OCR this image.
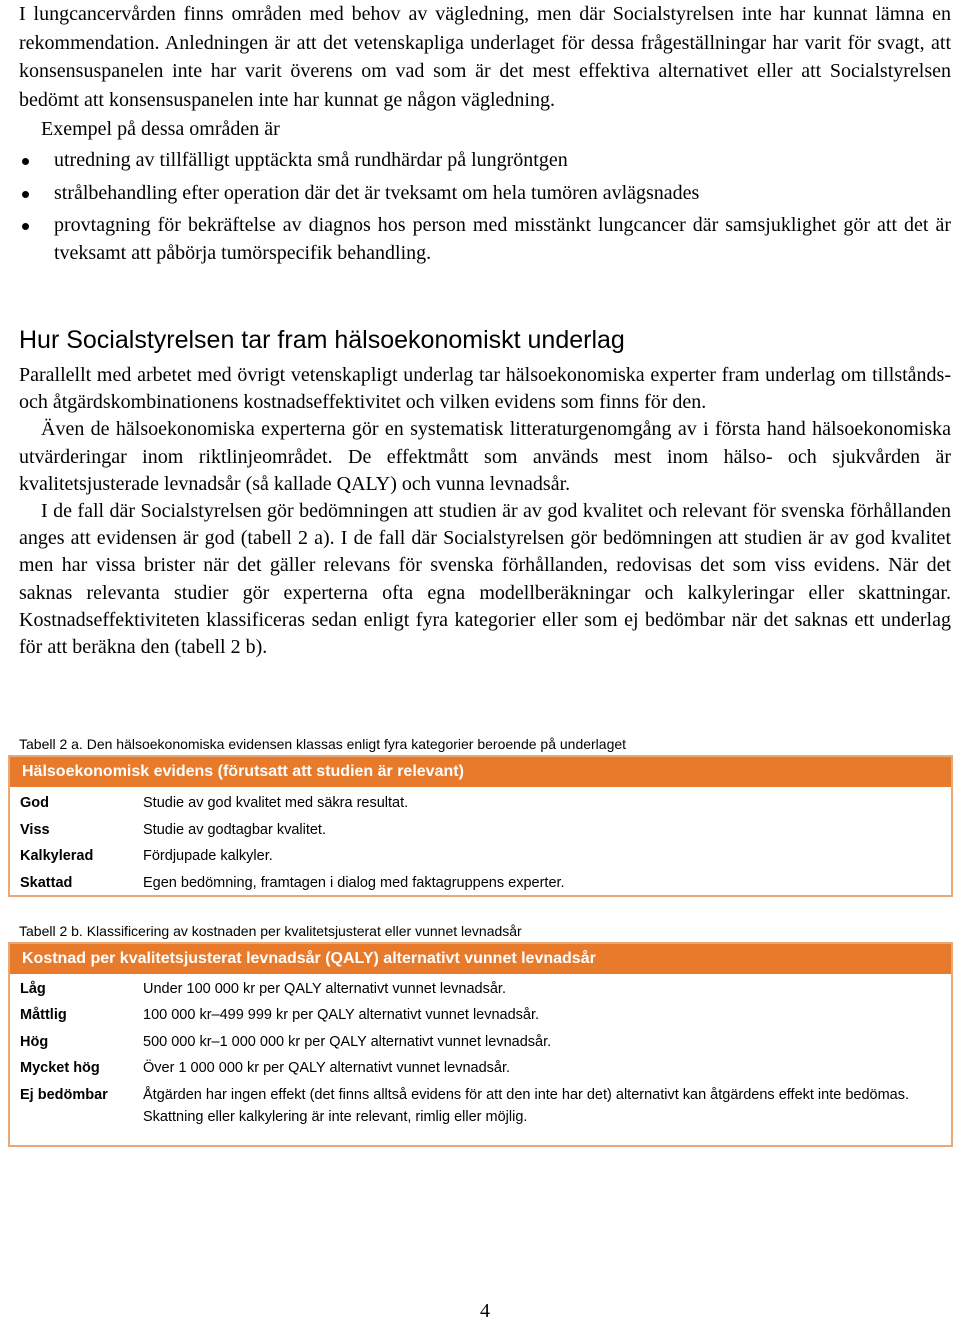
I lungcancervården finns områden med behov av vägledning, men där Socialstyrelsen inte har kunnat lämna en rekommendation. Anledningen är att det vetenskapliga underlaget för dessa frågeställningar har varit för svagt, att konsensuspanelen inte har varit överens om vad som är det mest effektiva alternativet eller att Socialstyrelsen bedömt att konsensuspanelen inte har kunnat ge någon vägledning.

Exempel på dessa områden är

utredning av tillfälligt upptäckta små rundhärdar på lungröntgen
strålbehandling efter operation där det är tveksamt om hela tumören avlägsnades
provtagning för bekräftelse av diagnos hos person med misstänkt lungcancer där samsjuklighet gör att det är tveksamt att påbörja tumörspecifik behandling.
Hur Socialstyrelsen tar fram hälsoekonomiskt underlag

Parallellt med arbetet med övrigt vetenskapligt underlag tar hälsoekonomiska experter fram underlag om tillstånds- och åtgärdskombinationens kostnadseffektivitet och vilken evidens som finns för den.

Även de hälsoekonomiska experterna gör en systematisk litteraturgenomgång av i första hand hälsoekonomiska utvärderingar inom riktlinjeområdet. De effektmått som används mest inom hälso- och sjukvården är kvalitetsjusterade levnadsår (så kallade QALY) och vunna levnadsår.

I de fall där Socialstyrelsen gör bedömningen att studien är av god kvalitet och relevant för svenska förhållanden anges att evidensen är god (tabell 2 a). I de fall där Socialstyrelsen gör bedömningen att studien är av god kvalitet men har vissa brister när det gäller relevans för svenska förhållanden, redovisas det som viss evidens. När det saknas relevanta studier gör experterna ofta egna modellberäkningar och kalkyleringar eller skattningar. Kostnadseffektiviteten klassificeras sedan enligt fyra kategorier eller som ej bedömbar när det saknas ett underlag för att beräkna den (tabell 2 b).

Tabell 2 a. Den hälsoekonomiska evidensen klassas enligt fyra kategorier beroende på underlaget
Hälsoekonomisk evidens (förutsatt att studien är relevant)
God	Studie av god kvalitet med säkra resultat.
Viss	Studie av godtagbar kvalitet.
Kalkylerad	Fördjupade kalkyler.
Skattad	Egen bedömning, framtagen i dialog med faktagruppens experter.
Tabell 2 b. Klassificering av kostnaden per kvalitetsjusterat eller vunnet levnadsår
Kostnad per kvalitetsjusterat levnadsår (QALY) alternativt vunnet levnadsår
Låg	Under 100 000 kr per QALY alternativt vunnet levnadsår.
Måttlig	100 000 kr–499 999 kr per QALY alternativt vunnet levnadsår.
Hög	500 000 kr–1 000 000 kr per QALY alternativt vunnet levnadsår.
Mycket hög	Över 1 000 000 kr per QALY alternativt vunnet levnadsår.
Ej bedömbar	Åtgärden har ingen effekt (det finns alltså evidens för att den inte har det) alternativt kan åtgärdens effekt inte bedömas.
Skattning eller kalkylering är inte relevant, rimlig eller möjlig.
4
